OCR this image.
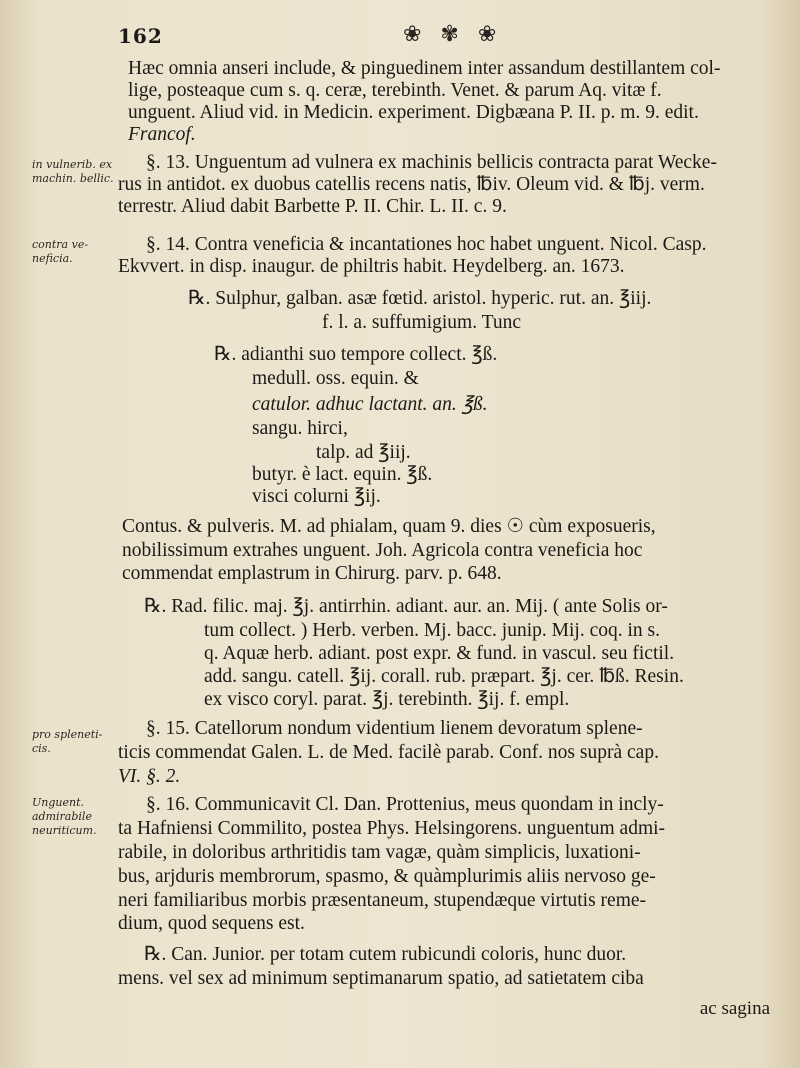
162	❀ ✾ ❀
in vulnerib. ex machin. bellic.
contra ve- neficia.
pro spleneti- cis.
Unguent. admirabile neuriticum.
Hæc omnia anseri include, & pinguedinem inter assandum destillantem col-
lige, posteaque cum s. q. ceræ, terebinth. Venet. & parum Aq. vitæ f.
unguent. Aliud vid. in Medicin. experiment. Digbæana P. II. p. m. 9. edit.
Francof.
§. 13. Unguentum ad vulnera ex machinis bellicis contracta parat Wecke-
rus in antidot. ex duobus catellis recens natis, ℔iv. Oleum vid. & ℔j. verm.
terrestr. Aliud dabit Barbette P. II. Chir. L. II. c. 9.
§. 14. Contra veneficia & incantationes hoc habet unguent. Nicol. Casp.
Ekvvert. in disp. inaugur. de philtris habit. Heydelberg. an. 1673.
℞. Sulphur, galban. asæ fœtid. aristol. hyperic. rut. an. ℥iij.
f. l. a. suffumigium. Tunc
℞. adianthi suo tempore collect. ℥ß.
medull. oss. equin. &
catulor. adhuc lactant. an. ℥ß.
sangu. hirci,
talp. ad ℥iij.
butyr. è lact. equin. ℥ß.
visci colurni ℥ij.
Contus. & pulveris. M. ad phialam, quam 9. dies ☉ cùm exposueris,
nobilissimum extrahes unguent. Joh. Agricola contra veneficia hoc
commendat emplastrum in Chirurg. parv. p. 648.
℞. Rad. filic. maj. ℥j. antirrhin. adiant. aur. an. Mij. ( ante Solis or-
tum collect. ) Herb. verben. Mj. bacc. junip. Mij. coq. in s.
q. Aquæ herb. adiant. post expr. & fund. in vascul. seu fictil.
add. sangu. catell. ℥ij. corall. rub. præpart. ℥j. cer. ℔ß. Resin.
ex visco coryl. parat. ℥j. terebinth. ℥ij. f. empl.
§. 15. Catellorum nondum videntium lienem devoratum splene-
ticis commendat Galen. L. de Med. facilè parab. Conf. nos suprà cap.
VI. §. 2.
§. 16. Communicavit Cl. Dan. Prottenius, meus quondam in incly-
ta Hafniensi Commilito, postea Phys. Helsingorens. unguentum admi-
rabile, in doloribus arthritidis tam vagæ, quàm simplicis, luxationi-
bus, arjduris membrorum, spasmo, & quàmplurimis aliis nervoso ge-
neri familiaribus morbis præsentaneum, stupendæque virtutis reme-
dium, quod sequens est.
℞. Can. Junior. per totam cutem rubicundi coloris, hunc duor.
mens. vel sex ad minimum septimanarum spatio, ad satietatem ciba
ac sagina
